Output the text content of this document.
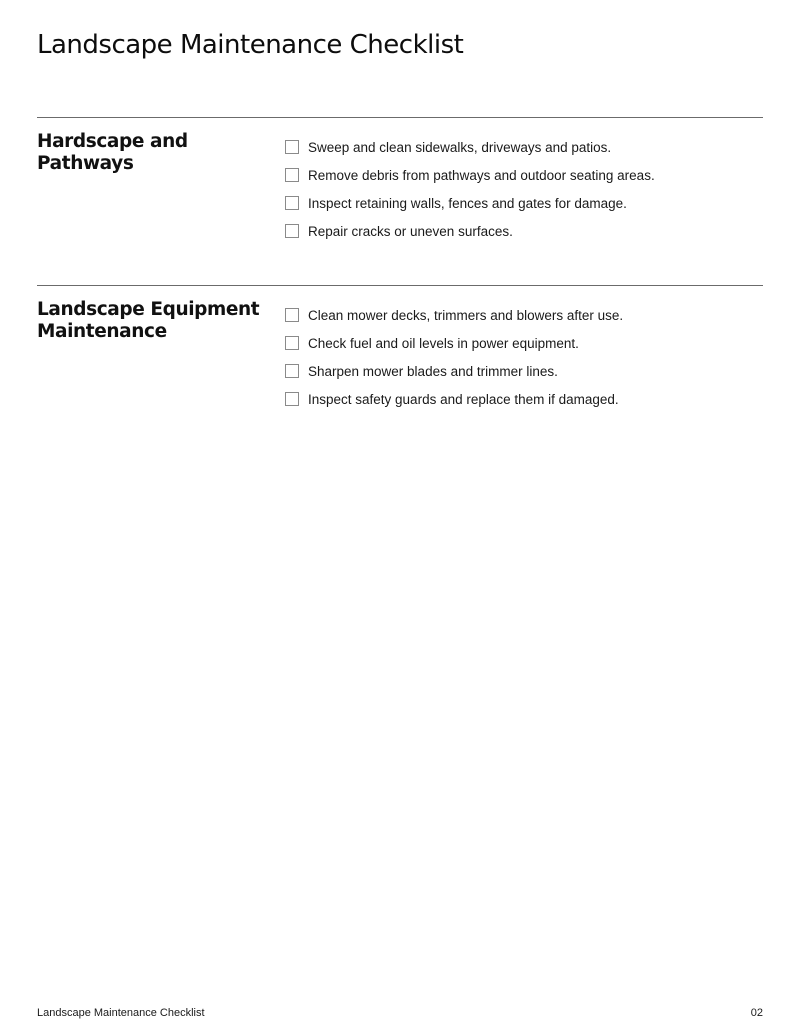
Landscape Maintenance Checklist
Hardscape and Pathways
Sweep and clean sidewalks, driveways and patios.
Remove debris from pathways and outdoor seating areas.
Inspect retaining walls, fences and gates for damage.
Repair cracks or uneven surfaces.
Landscape Equipment Maintenance
Clean mower decks, trimmers and blowers after use.
Check fuel and oil levels in power equipment.
Sharpen mower blades and trimmer lines.
Inspect safety guards and replace them if damaged.
Landscape Maintenance Checklist	02
